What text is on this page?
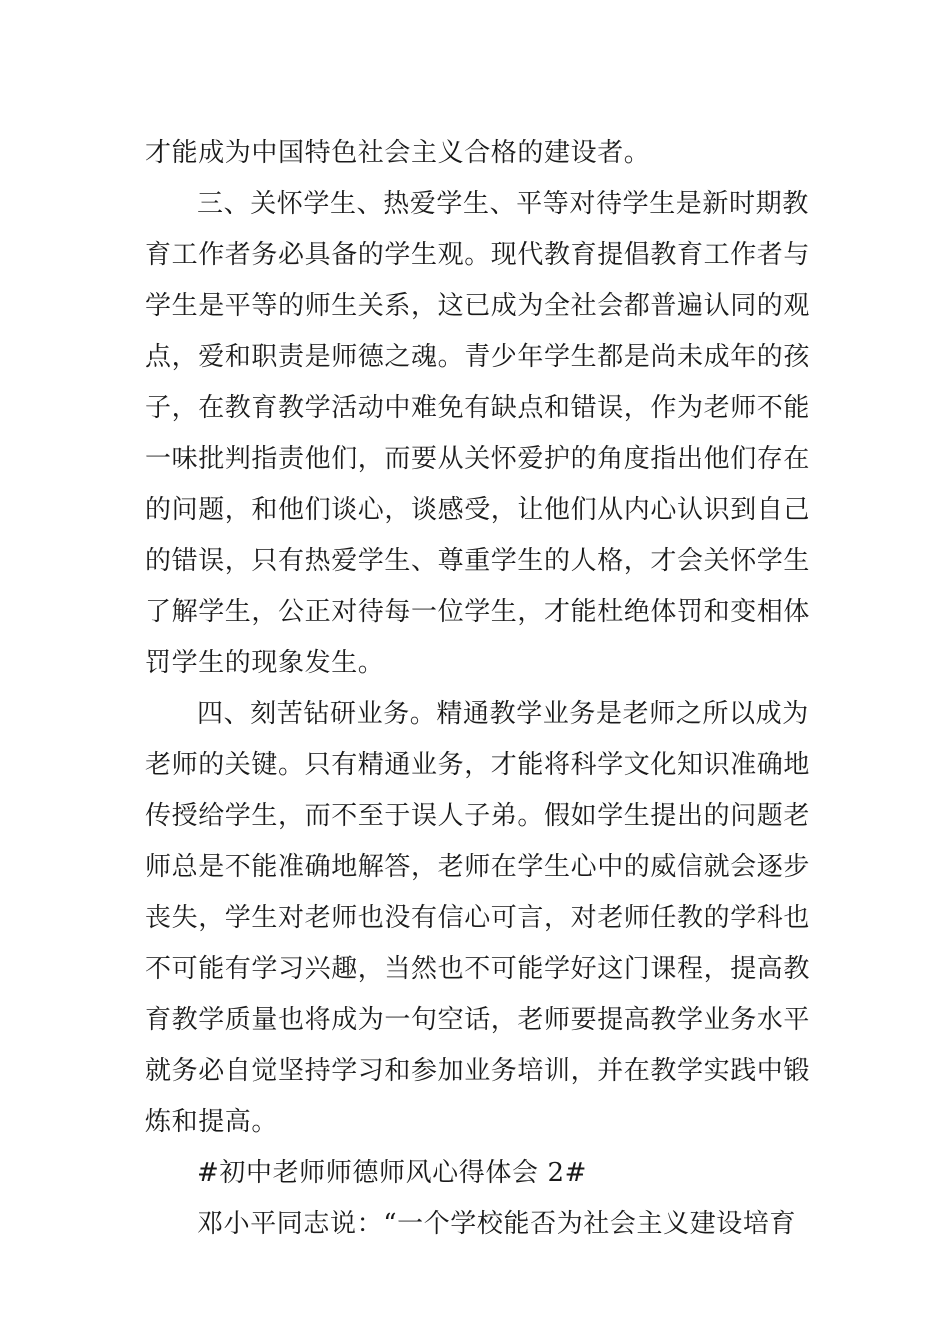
才能成为中国特色社会主义合格的建设者。
三、关怀学生、热爱学生、平等对待学生是新时期教
育工作者务必具备的学生观。现代教育提倡教育工作者与
学生是平等的师生关系，这已成为全社会都普遍认同的观
点，爱和职责是师德之魂。青少年学生都是尚未成年的孩
子，在教育教学活动中难免有缺点和错误，作为老师不能
一味批判指责他们，而要从关怀爱护的角度指出他们存在
的问题，和他们谈心，谈感受，让他们从内心认识到自己
的错误，只有热爱学生、尊重学生的人格，才会关怀学生
了解学生，公正对待每一位学生，才能杜绝体罚和变相体
罚学生的现象发生。
四、刻苦钻研业务。精通教学业务是老师之所以成为
老师的关键。只有精通业务，才能将科学文化知识准确地
传授给学生，而不至于误人子弟。假如学生提出的问题老
师总是不能准确地解答，老师在学生心中的威信就会逐步
丧失，学生对老师也没有信心可言，对老师任教的学科也
不可能有学习兴趣，当然也不可能学好这门课程，提高教
育教学质量也将成为一句空话，老师要提高教学业务水平
就务必自觉坚持学习和参加业务培训，并在教学实践中锻
炼和提高。
#初中老师师德师风心得体会 2#
邓小平同志说：“一个学校能否为社会主义建设培育
